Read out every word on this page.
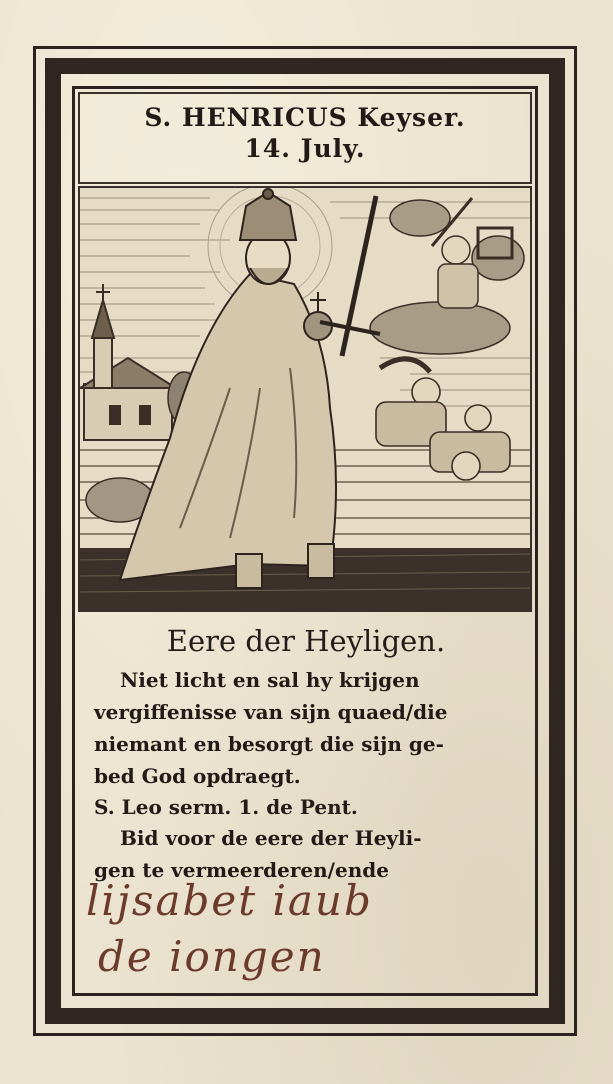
S. HENRICUS Keyser.
14. July.
Eere der Heyligen.
Niet licht en sal hy krijgen
vergiffenisse van sijn quaed/die
niemant en besorgt die sijn ge-
bed God opdraegt.
S. Leo serm. 1. de Pent.
Bid voor de eere der Heyli-
gen te vermeerderen/ende
lijsabet iaub
de iongen
